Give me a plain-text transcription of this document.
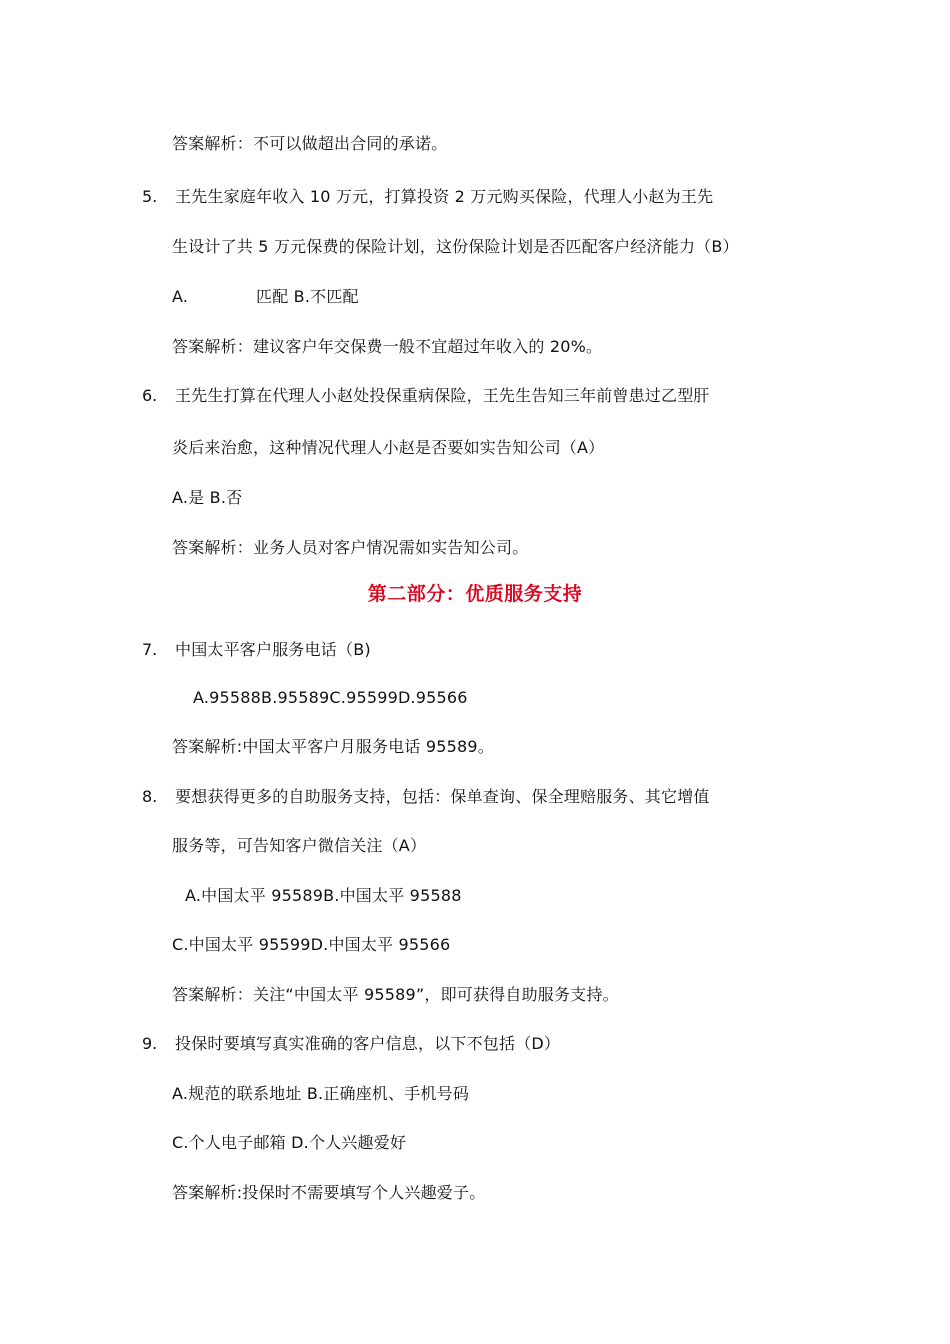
答案解析：不可以做超出合同的承诺。
5. 王先生家庭年收入 10 万元，打算投资 2 万元购买保险，代理人小赵为王先
生设计了共 5 万元保费的保险计划，这份保险计划是否匹配客户经济能力（B）
A.	匹配 B.不匹配
答案解析：建议客户年交保费一般不宜超过年收入的 20%。
6. 王先生打算在代理人小赵处投保重病保险，王先生告知三年前曾患过乙型肝
炎后来治愈，这种情况代理人小赵是否要如实告知公司（A）
A.是 B.否
答案解析：业务人员对客户情况需如实告知公司。
第二部分：优质服务支持
7. 中国太平客户服务电话（B)
A.95588B.95589C.95599D.95566
答案解析:中国太平客户月服务电话 95589。
8. 要想获得更多的自助服务支持，包括：保单查询、保全理赔服务、其它增值
服务等，可告知客户微信关注（A）
A.中国太平 95589B.中国太平 95588
C.中国太平 95599D.中国太平 95566
答案解析：关注“中国太平 95589”，即可获得自助服务支持。
9. 投保时要填写真实准确的客户信息，以下不包括（D）
A.规范的联系地址 B.正确座机、手机号码
C.个人电子邮箱 D.个人兴趣爱好
答案解析:投保时不需要填写个人兴趣爱子。
